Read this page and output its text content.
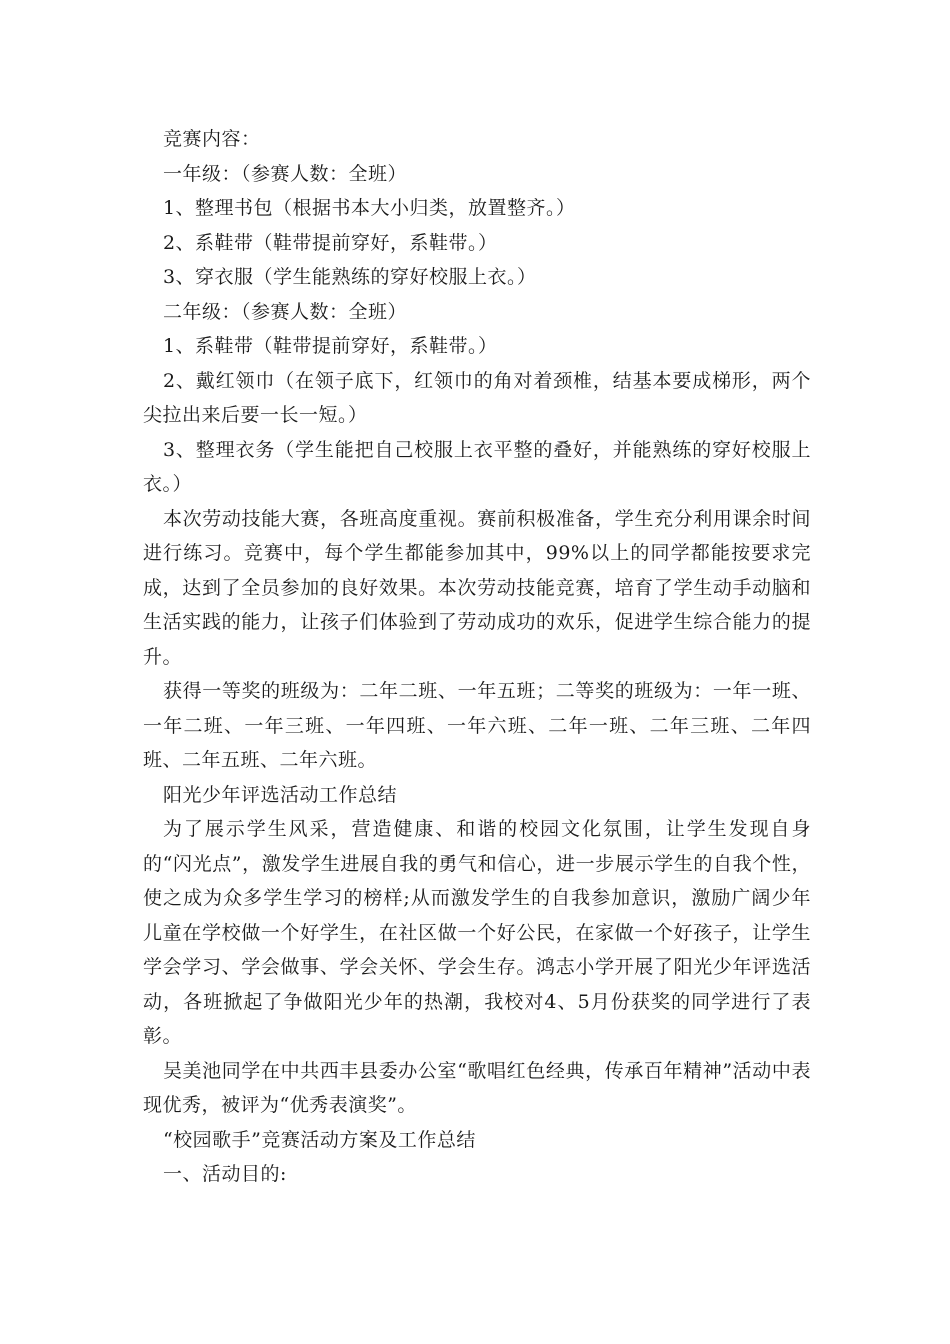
竞赛内容：

一年级：（参赛人数：全班）

1、整理书包（根据书本大小归类，放置整齐。）

2、系鞋带（鞋带提前穿好，系鞋带。）

3、穿衣服（学生能熟练的穿好校服上衣。）

二年级：（参赛人数：全班）

1、系鞋带（鞋带提前穿好，系鞋带。）

2、戴红领巾（在领子底下，红领巾的角对着颈椎，结基本要成梯形，两个尖拉出来后要一长一短。）

3、整理衣务（学生能把自己校服上衣平整的叠好，并能熟练的穿好校服上衣。）

本次劳动技能大赛，各班高度重视。赛前积极准备，学生充分利用课余时间进行练习。竞赛中，每个学生都能参加其中，99%以上的同学都能按要求完成，达到了全员参加的良好效果。本次劳动技能竞赛，培育了学生动手动脑和生活实践的能力，让孩子们体验到了劳动成功的欢乐，促进学生综合能力的提升。

获得一等奖的班级为：二年二班、一年五班；二等奖的班级为：一年一班、一年二班、一年三班、一年四班、一年六班、二年一班、二年三班、二年四班、二年五班、二年六班。

阳光少年评选活动工作总结

为了展示学生风采，营造健康、和谐的校园文化氛围，让学生发现自身的“闪光点”，激发学生进展自我的勇气和信心，进一步展示学生的自我个性，使之成为众多学生学习的榜样;从而激发学生的自我参加意识，激励广阔少年儿童在学校做一个好学生，在社区做一个好公民，在家做一个好孩子，让学生学会学习、学会做事、学会关怀、学会生存。鸿志小学开展了阳光少年评选活动，各班掀起了争做阳光少年的热潮，我校对4、5月份获奖的同学进行了表彰。

吴美池同学在中共西丰县委办公室“歌唱红色经典，传承百年精神”活动中表现优秀，被评为“优秀表演奖”。

“校园歌手”竞赛活动方案及工作总结

一、活动目的:
